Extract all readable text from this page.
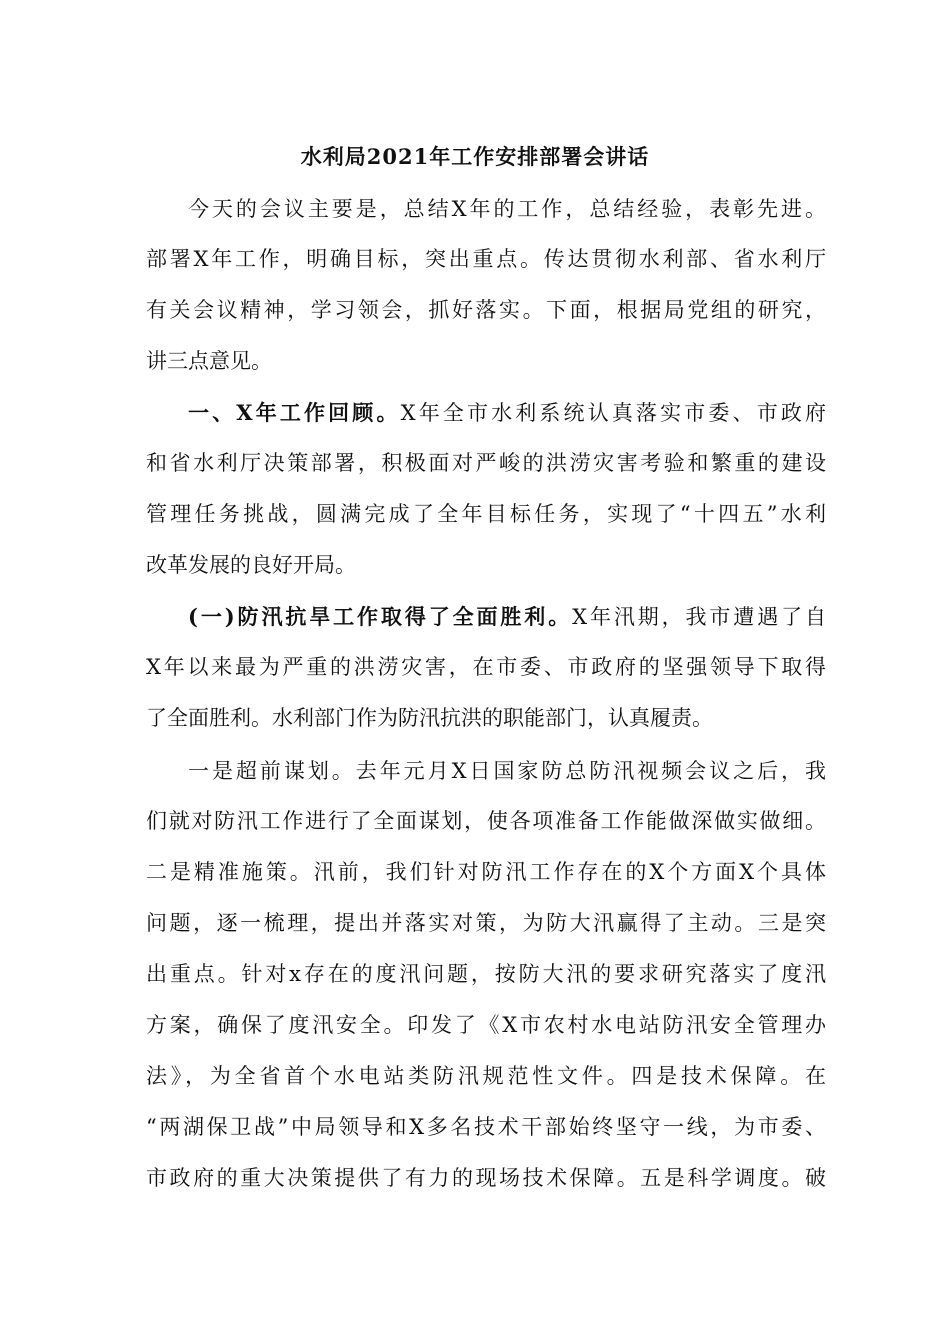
水利局2021年工作安排部署会讲话
今天的会议主要是，总结X年的工作，总结经验，表彰先进。
部署X年工作，明确目标，突出重点。传达贯彻水利部、省水利厅
有关会议精神，学习领会，抓好落实。下面，根据局党组的研究，
讲三点意见。
一、X年工作回顾。X年全市水利系统认真落实市委、市政府
和省水利厅决策部署，积极面对严峻的洪涝灾害考验和繁重的建设
管理任务挑战，圆满完成了全年目标任务，实现了“十四五”水利
改革发展的良好开局。
(一)防汛抗旱工作取得了全面胜利。X年汛期，我市遭遇了自
X年以来最为严重的洪涝灾害，在市委、市政府的坚强领导下取得
了全面胜利。水利部门作为防汛抗洪的职能部门，认真履责。
一是超前谋划。去年元月X日国家防总防汛视频会议之后，我
们就对防汛工作进行了全面谋划，使各项准备工作能做深做实做细。
二是精准施策。汛前，我们针对防汛工作存在的X个方面X个具体
问题，逐一梳理，提出并落实对策，为防大汛赢得了主动。三是突
出重点。针对x存在的度汛问题，按防大汛的要求研究落实了度汛
方案，确保了度汛安全。印发了《X市农村水电站防汛安全管理办
法》，为全省首个水电站类防汛规范性文件。四是技术保障。在
“两湖保卫战”中局领导和X多名技术干部始终坚守一线，为市委、
市政府的重大决策提供了有力的现场技术保障。五是科学调度。破
